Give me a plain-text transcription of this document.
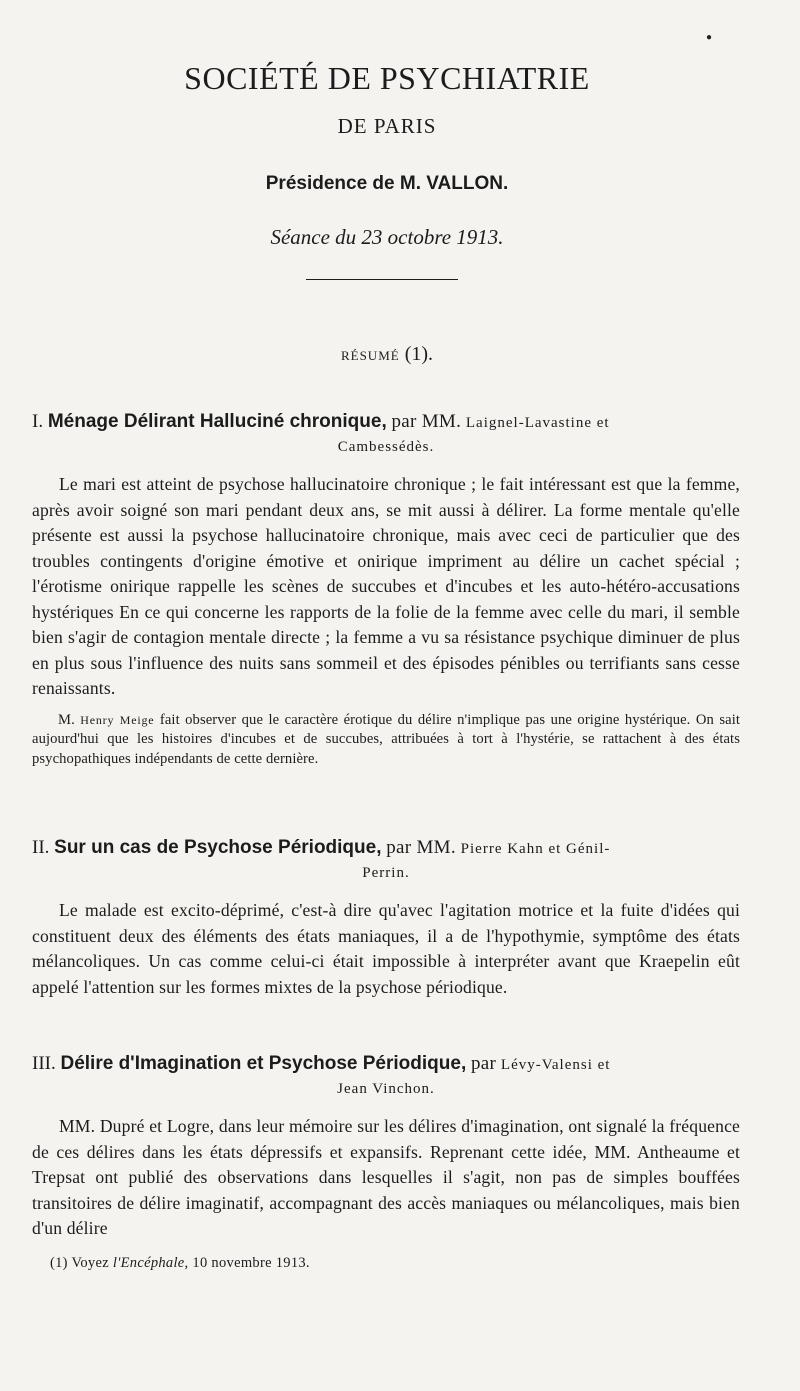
●
SOCIÉTÉ DE PSYCHIATRIE
DE PARIS
Présidence de M. VALLON.
Séance du 23 octobre 1913.
RÉSUMÉ (1).
I. Ménage Délirant Halluciné chronique, par MM. Laignel-Lavastine et
Cambessédès.

Le mari est atteint de psychose hallucinatoire chronique ; le fait intéressant est que la femme, après avoir soigné son mari pendant deux ans, se mit aussi à délirer. La forme mentale qu'elle présente est aussi la psychose hallucinatoire chronique, mais avec ceci de particulier que des troubles contingents d'origine émotive et onirique impriment au délire un cachet spécial ; l'érotisme onirique rappelle les scènes de succubes et d'incubes et les auto-hétéro-accusations hystériques En ce qui concerne les rapports de la folie de la femme avec celle du mari, il semble bien s'agir de contagion mentale directe ; la femme a vu sa résistance psychique diminuer de plus en plus sous l'influence des nuits sans sommeil et des épisodes pénibles ou terrifiants sans cesse renaissants.

M. Henry Meige fait observer que le caractère érotique du délire n'implique pas une origine hystérique. On sait aujourd'hui que les histoires d'incubes et de succubes, attribuées à tort à l'hystérie, se rattachent à des états psychopathiques indépendants de cette dernière.

II. Sur un cas de Psychose Périodique, par MM. Pierre Kahn et Génil-
Perrin.

Le malade est excito-déprimé, c'est-à dire qu'avec l'agitation motrice et la fuite d'idées qui constituent deux des éléments des états maniaques, il a de l'hypothymie, symptôme des états mélancoliques. Un cas comme celui-ci était impossible à interpréter avant que Kraepelin eût appelé l'attention sur les formes mixtes de la psychose périodique.

III. Délire d'Imagination et Psychose Périodique, par Lévy-Valensi et
Jean Vinchon.

MM. Dupré et Logre, dans leur mémoire sur les délires d'imagination, ont signalé la fréquence de ces délires dans les états dépressifs et expansifs. Reprenant cette idée, MM. Antheaume et Trepsat ont publié des observations dans lesquelles il s'agit, non pas de simples bouffées transitoires de délire imaginatif, accompagnant des accès maniaques ou mélancoliques, mais bien d'un délire

(1) Voyez l'Encéphale, 10 novembre 1913.
